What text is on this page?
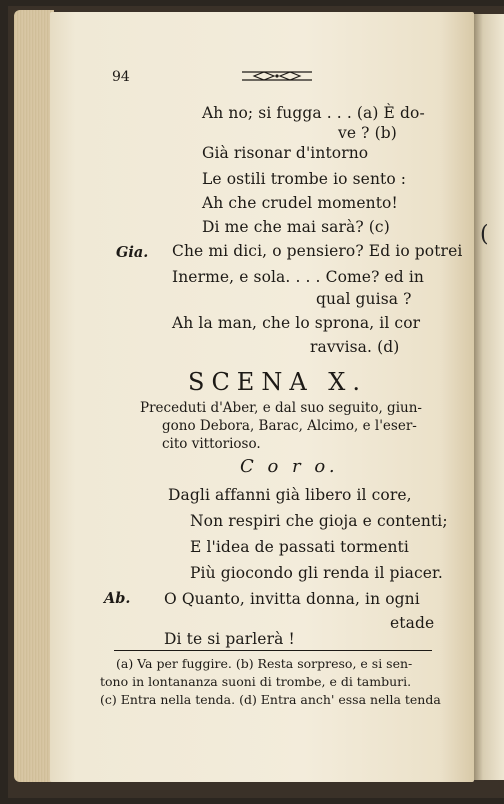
(
94
Ah no; si fugga . . . (a) È do-
ve ? (b)
Già risonar d'intorno
Le ostili trombe io sento :
Ah che crudel momento!
Di me che mai sarà? (c)
Gia. Che mi dici, o pensiero? Ed io potrei
Inerme, e sola. . . . Come? ed in
qual guisa ?
Ah la man, che lo sprona, il cor
ravvisa. (d)
SCENA X.
Preceduti d'Aber, e dal suo seguito, giun-
gono Debora, Barac, Alcimo, e l'eser-
cito vittorioso.
C o r o.
Dagli affanni già libero il core,
Non respiri che gioja e contenti;
E l'idea de passati tormenti
Più giocondo gli renda il piacer.
Ab. O Quanto, invitta donna, in ogni
etade
Di te si parlerà !
(a) Va per fuggire. (b) Resta sorpreso, e si sen-
tono in lontananza suoni di trombe, e di tamburi.
(c) Entra nella tenda. (d) Entra anch' essa nella tenda
